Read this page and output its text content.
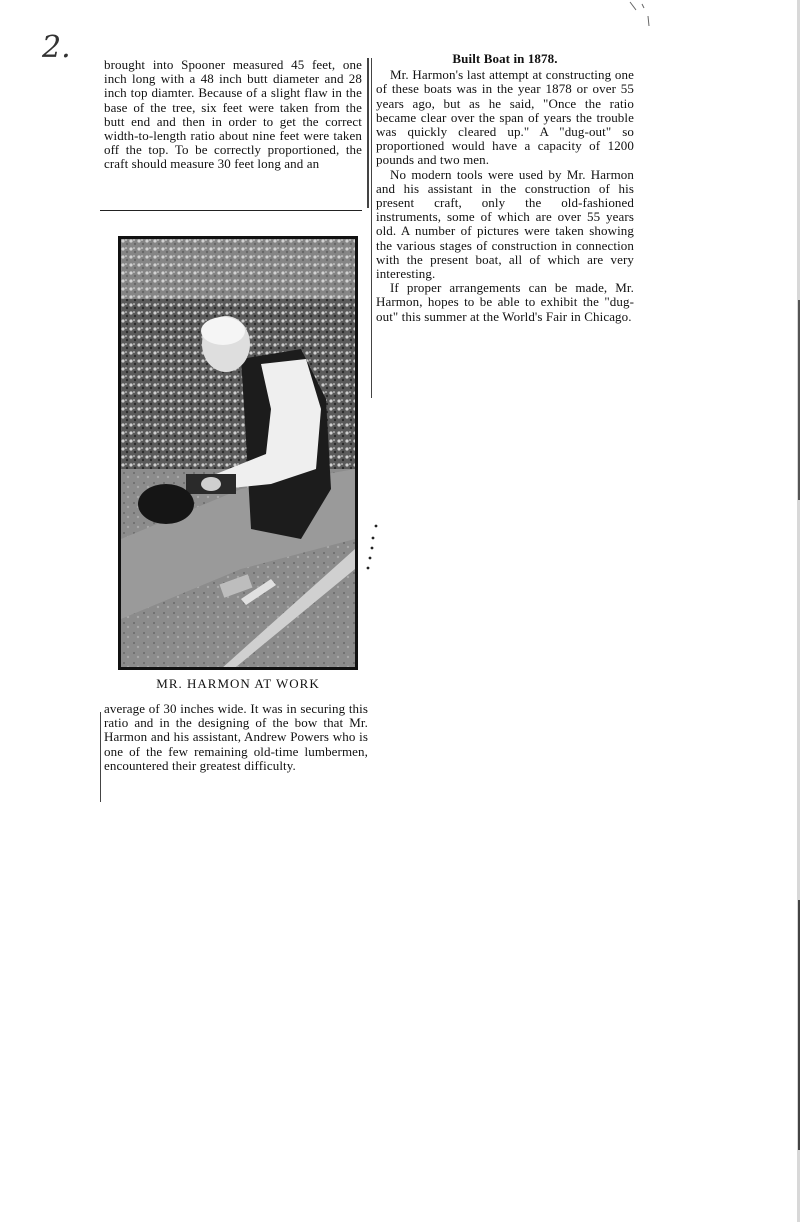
2.	brought into Spooner measured 45 feet, one inch long with a 48 inch butt diameter and 28 inch top diamter. Because of a slight flaw in the base of the tree, six feet were taken from the butt end and then in order to get the correct width-to-length ratio about nine feet were taken off the top. To be correctly proportioned, the craft should measure 30 feet long and an

MR. HARMON AT WORK

average of 30 inches wide. It was in securing this ratio and in the designing of the bow that Mr. Harmon and his assistant, Andrew Powers who is one of the few remaining old-time lumbermen, encountered their greatest difficulty.

Built Boat in 1878.

Mr. Harmon's last attempt at constructing one of these boats was in the year 1878 or over 55 years ago, but as he said, "Once the ratio became clear over the span of years the trouble was quickly cleared up." A "dug-out" so proportioned would have a capacity of 1200 pounds and two men.

No modern tools were used by Mr. Harmon and his assistant in the construction of his present craft, only the old-fashioned instruments, some of which are over 55 years old. A number of pictures were taken showing the various stages of construction in connection with the present boat, all of which are very interesting.

If proper arrangements can be made, Mr. Harmon, hopes to be able to exhibit the "dug-out" this summer at the World's Fair in Chicago.
